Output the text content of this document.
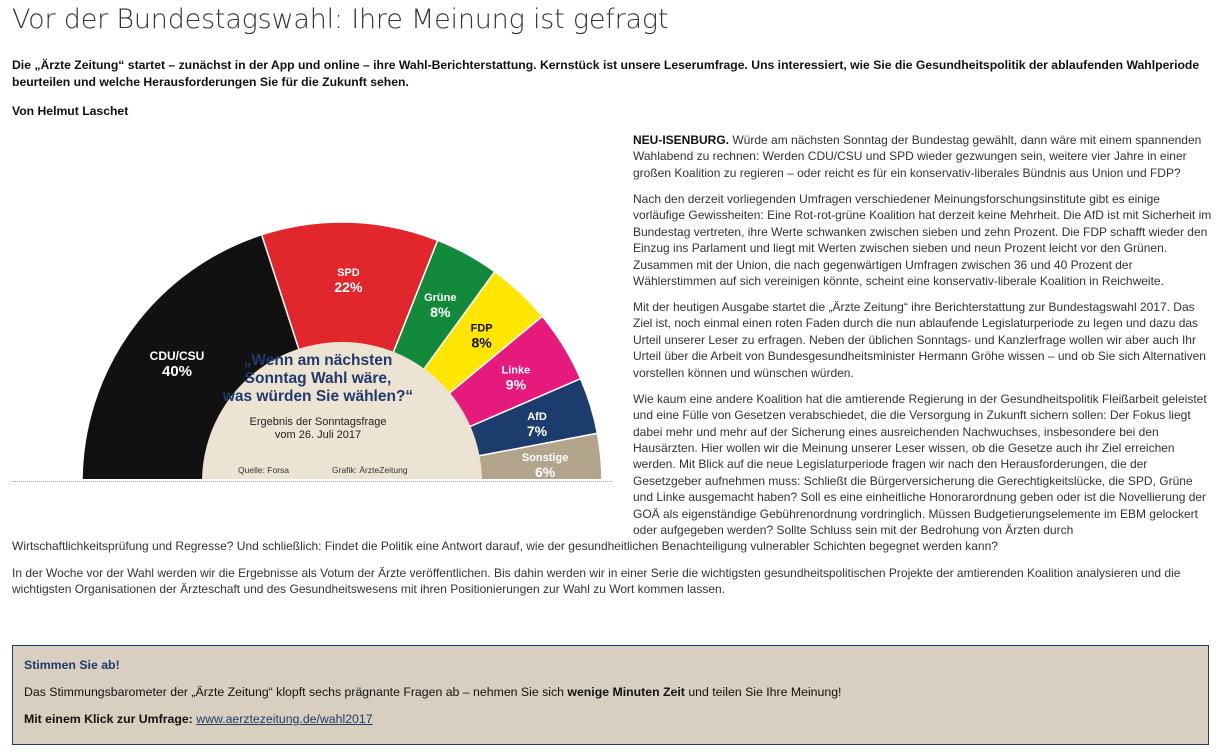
Vor der Bundestagswahl: Ihre Meinung ist gefragt

Die „Ärzte Zeitung“ startet – zunächst in der App und online – ihre Wahl-Berichterstattung. Kernstück ist unsere Leserumfrage. Uns interessiert, wie Sie die Gesundheitspolitik der ablaufenden Wahlperiode beurteilen und welche Herausforderungen Sie für die Zukunft sehen.

Von Helmut Laschet

NEU-ISENBURG. Würde am nächsten Sonntag der Bundestag gewählt, dann wäre mit einem spannenden Wahlabend zu rechnen: Werden CDU/CSU und SPD wieder gezwungen sein, weitere vier Jahre in einer großen Koalition zu regieren – oder reicht es für ein konservativ-liberales Bündnis aus Union und FDP?

Nach den derzeit vorliegenden Umfragen verschiedener Meinungsforschungsinstitute gibt es einige vorläufige Gewissheiten: Eine Rot-rot-grüne Koalition hat derzeit keine Mehrheit. Die AfD ist mit Sicherheit im Bundestag vertreten, ihre Werte schwanken zwischen sieben und zehn Prozent. Die FDP schafft wieder den Einzug ins Parlament und liegt mit Werten zwischen sieben und neun Prozent leicht vor den Grünen. Zusammen mit der Union, die nach gegenwärtigen Umfragen zwischen 36 und 40 Prozent der Wählerstimmen auf sich vereinigen könnte, scheint eine konservativ-liberale Koalition in Reichweite.

Mit der heutigen Ausgabe startet die „Ärzte Zeitung“ ihre Berichterstattung zur Bundestagswahl 2017. Das Ziel ist, noch einmal einen roten Faden durch die nun ablaufende Legislaturperiode zu legen und dazu das Urteil unserer Leser zu erfragen. Neben der üblichen Sonntags- und Kanzlerfrage wollen wir aber auch Ihr Urteil über die Arbeit von Bundesgesundheitsminister Hermann Gröhe wissen – und ob Sie sich Alternativen vorstellen können und wünschen würden.

Wie kaum eine andere Koalition hat die amtierende Regierung in der Gesundheitspolitik Fleißarbeit geleistet und eine Fülle von Gesetzen verabschiedet, die die Versorgung in Zukunft sichern sollen: Der Fokus liegt dabei mehr und mehr auf der Sicherung eines ausreichenden Nachwuchses, insbesondere bei den Hausärzten. Hier wollen wir die Meinung unserer Leser wissen, ob die Gesetze auch ihr Ziel erreichen werden. Mit Blick auf die neue Legislaturperiode fragen wir nach den Herausforderungen, die der Gesetzgeber aufnehmen muss: Schließt die Bürgerversicherung die Gerechtigkeitslücke, die SPD, Grüne und Linke ausgemacht haben? Soll es eine einheitliche Honorarordnung geben oder ist die Novellierung der GOÄ als eigenständige Gebührenordnung vordringlich. Müssen Budgetierungselemente im EBM gelockert oder aufgegeben werden? Sollte Schluss sein mit der Bedrohung von Ärzten durch Wirtschaftlichkeitsprüfung und Regresse? Und schließlich: Findet die Politik eine Antwort darauf, wie der gesundheitlichen Benachteiligung vulnerabler Schichten begegnet werden kann?

In der Woche vor der Wahl werden wir die Ergebnisse als Votum der Ärzte veröffentlichen. Bis dahin werden wir in einer Serie die wichtigsten gesundheitspolitischen Projekte der amtierenden Koalition analysieren und die wichtigsten Organisationen der Ärzteschaft und des Gesundheitswesens mit ihren Positionierungen zur Wahl zu Wort kommen lassen.

CDU/CSU
40%
SPD
22%
Grüne
8%
FDP
8%
Linke
9%
AfD
7%
Sonstige
6%
„Wenn am nächsten
Sonntag Wahl wäre,
was würden Sie wählen?“
Ergebnis der Sonntagsfrage
vom 26. Juli 2017
Quelle: Forsa	Grafik: ÄrzteZeitung
Stimmen Sie ab!
Das Stimmungsbarometer der „Ärzte Zeitung“ klopft sechs prägnante Fragen ab – nehmen Sie sich wenige Minuten Zeit und teilen Sie Ihre Meinung!
Mit einem Klick zur Umfrage: www.aerztezeitung.de/wahl2017
